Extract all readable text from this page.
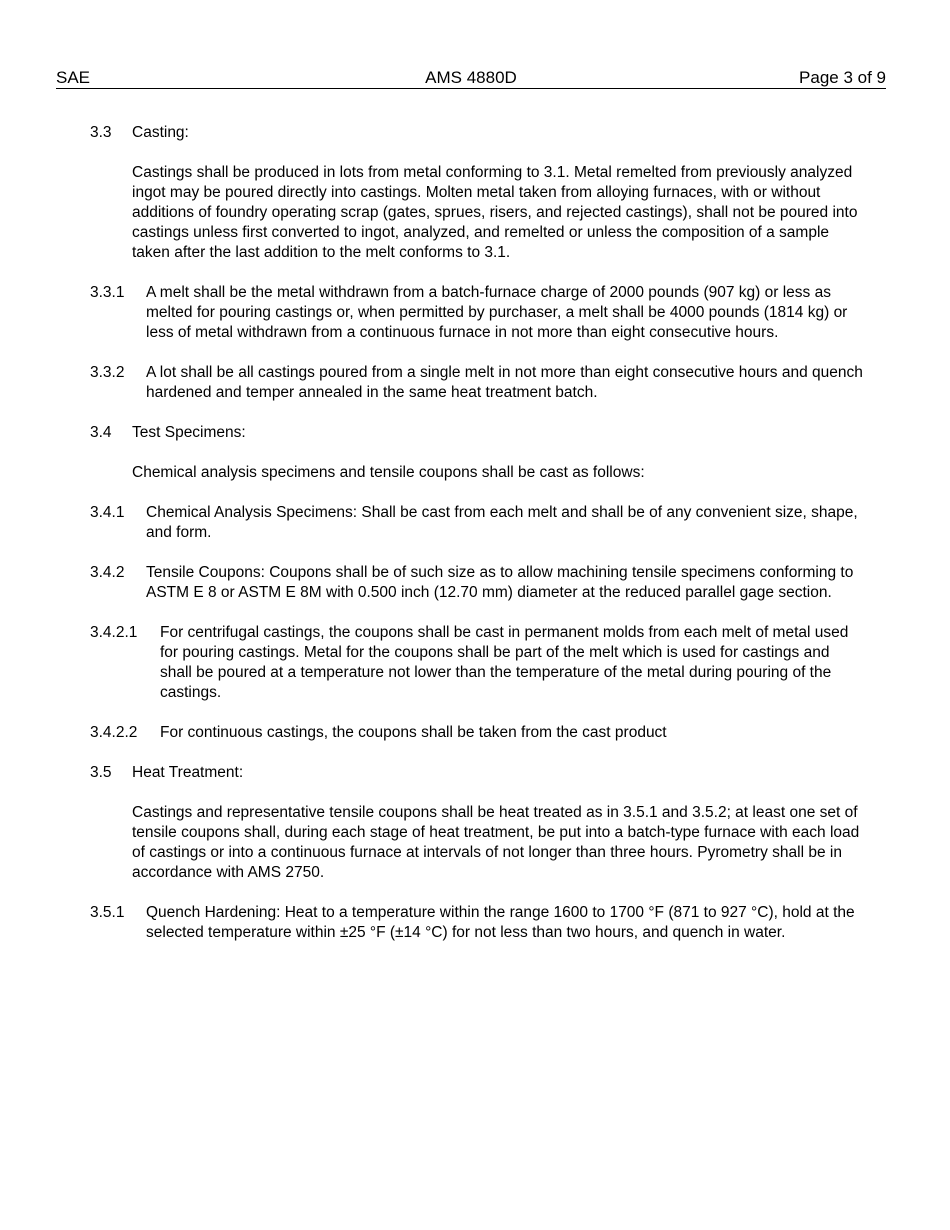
SAE	AMS 4880D	Page 3 of 9
3.3	Casting:

Castings shall be produced in lots from metal conforming to 3.1. Metal remelted from previously analyzed ingot may be poured directly into castings. Molten metal taken from alloying furnaces, with or without additions of foundry operating scrap (gates, sprues, risers, and rejected castings), shall not be poured into castings unless first converted to ingot, analyzed, and remelted or unless the composition of a sample taken after the last addition to the melt conforms to 3.1.

3.3.1	A melt shall be the metal withdrawn from a batch-furnace charge of 2000 pounds (907 kg) or less as melted for pouring castings or, when permitted by purchaser, a melt shall be 4000 pounds (1814 kg) or less of metal withdrawn from a continuous furnace in not more than eight consecutive hours.

3.3.2	A lot shall be all castings poured from a single melt in not more than eight consecutive hours and quench hardened and temper annealed in the same heat treatment batch.

3.4	Test Specimens:

Chemical analysis specimens and tensile coupons shall be cast as follows:

3.4.1	Chemical Analysis Specimens: Shall be cast from each melt and shall be of any convenient size, shape, and form.

3.4.2	Tensile Coupons: Coupons shall be of such size as to allow machining tensile specimens conforming to ASTM E 8 or ASTM E 8M with 0.500 inch (12.70 mm) diameter at the reduced parallel gage section.

3.4.2.1	For centrifugal castings, the coupons shall be cast in permanent molds from each melt of metal used for pouring castings. Metal for the coupons shall be part of the melt which is used for castings and shall be poured at a temperature not lower than the temperature of the metal during pouring of the castings.

3.4.2.2	For continuous castings, the coupons shall be taken from the cast product

3.5	Heat Treatment:

Castings and representative tensile coupons shall be heat treated as in 3.5.1 and 3.5.2; at least one set of tensile coupons shall, during each stage of heat treatment, be put into a batch-type furnace with each load of castings or into a continuous furnace at intervals of not longer than three hours. Pyrometry shall be in accordance with AMS 2750.

3.5.1	Quench Hardening: Heat to a temperature within the range 1600 to 1700 °F (871 to 927 °C), hold at the selected temperature within ±25 °F (±14 °C) for not less than two hours, and quench in water.
